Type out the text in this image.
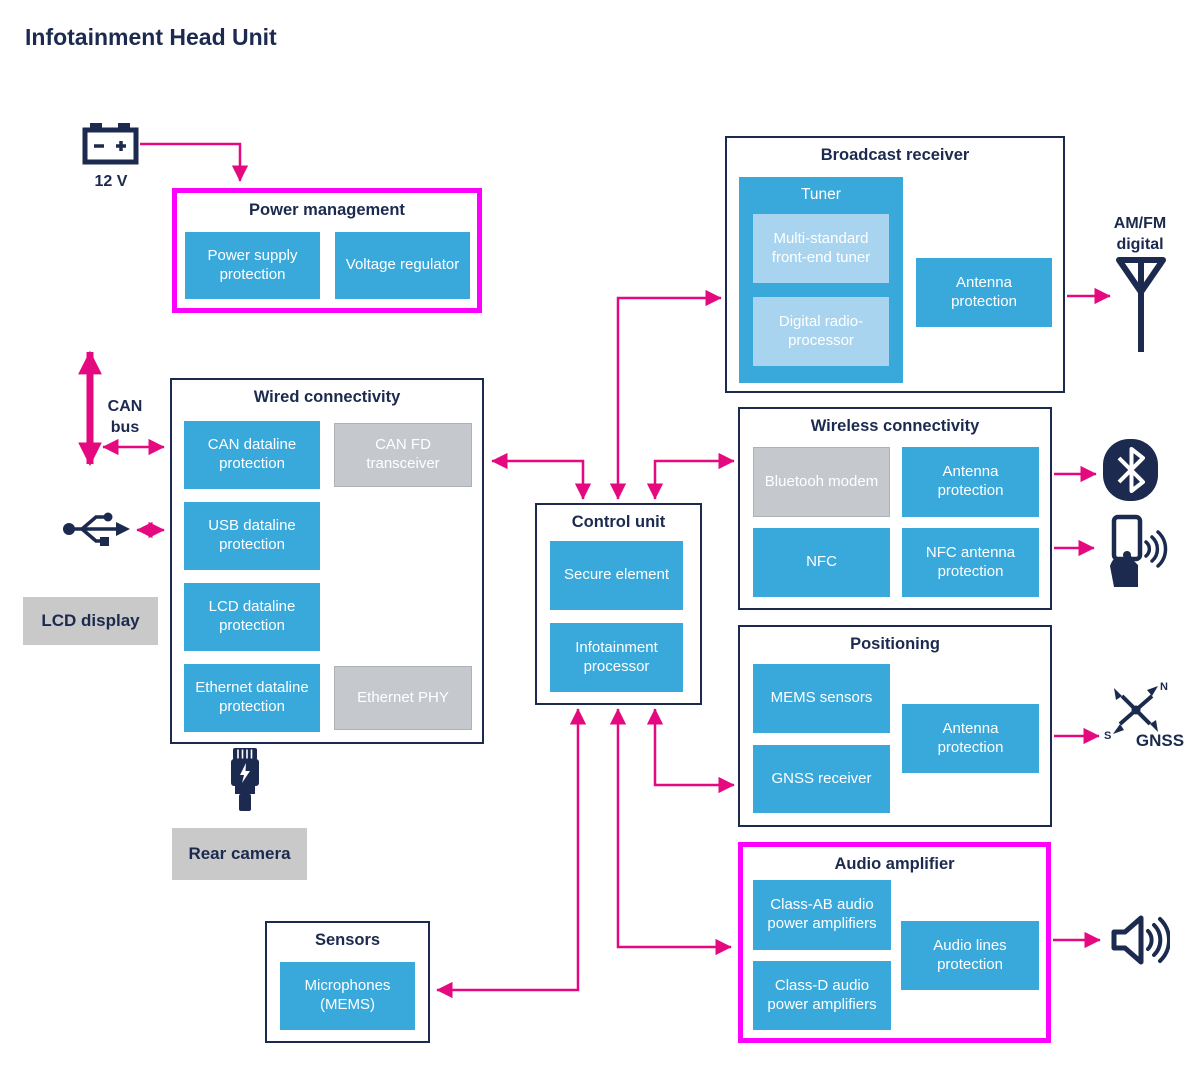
Infotainment Head Unit
12 V
CAN bus
LCD display
Power management
Power supply protection
Voltage regulator
Wired connectivity
CAN dataline protection
CAN FD transceiver
USB dataline protection
LCD dataline protection
Ethernet dataline protection
Ethernet PHY
Rear camera
Control unit
Secure element
Infotainment processor
Broadcast receiver
Tuner
Multi-standard front-end tuner
Digital radio-processor
Antenna protection
AM/FM digital
Wireless connectivity
Bluetooh modem
Antenna protection
NFC
NFC antenna protection
Positioning
MEMS sensors
GNSS receiver
Antenna protection
N
S GNSS
Audio amplifier
Class-AB audio power amplifiers
Class-D audio power amplifiers
Audio lines protection
Sensors
Microphones (MEMS)
